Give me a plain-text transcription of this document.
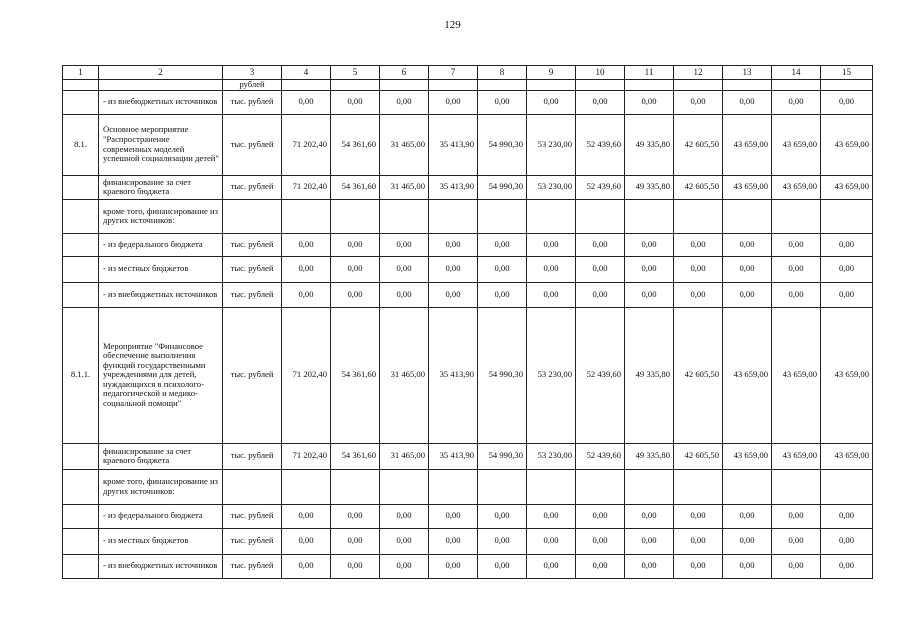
129
1	2	3	4	5	6	7	8	9	10	11	12	13	14	15
		рублей												
	- из внебюджетных источников	тыс. рублей	0,00	0,00	0,00	0,00	0,00	0,00	0,00	0,00	0,00	0,00	0,00	0,00
8.1.	Основное мероприятие "Распространение современных моделей успешной социализации детей"	тыс. рублей	71 202,40	54 361,60	31 465,00	35 413,90	54 990,30	53 230,00	52 439,60	49 335,80	42 605,50	43 659,00	43 659,00	43 659,00
	финансирование за счет краевого бюджета	тыс. рублей	71 202,40	54 361,60	31 465,00	35 413,90	54 990,30	53 230,00	52 439,60	49 335,80	42 605,50	43 659,00	43 659,00	43 659,00
	кроме того, финансирование из других источников:													
	- из федерального бюджета	тыс. рублей	0,00	0,00	0,00	0,00	0,00	0,00	0,00	0,00	0,00	0,00	0,00	0,00
	- из местных бюджетов	тыс. рублей	0,00	0,00	0,00	0,00	0,00	0,00	0,00	0,00	0,00	0,00	0,00	0,00
	- из внебюджетных источников	тыс. рублей	0,00	0,00	0,00	0,00	0,00	0,00	0,00	0,00	0,00	0,00	0,00	0,00
8.1.1.	Мероприятие "Финансовое обеспечение выполнения функций государственными учреждениями для детей, нуждающихся в психолого-педагогической и медико-социальной помощи"	тыс. рублей	71 202,40	54 361,60	31 465,00	35 413,90	54 990,30	53 230,00	52 439,60	49 335,80	42 605,50	43 659,00	43 659,00	43 659,00
	финансирование за счет краевого бюджета	тыс. рублей	71 202,40	54 361,60	31 465,00	35 413,90	54 990,30	53 230,00	52 439,60	49 335,80	42 605,50	43 659,00	43 659,00	43 659,00
	кроме того, финансирование из других источников:													
	- из федерального бюджета	тыс. рублей	0,00	0,00	0,00	0,00	0,00	0,00	0,00	0,00	0,00	0,00	0,00	0,00
	- из местных бюджетов	тыс. рублей	0,00	0,00	0,00	0,00	0,00	0,00	0,00	0,00	0,00	0,00	0,00	0,00
	- из внебюджетных источников	тыс. рублей	0,00	0,00	0,00	0,00	0,00	0,00	0,00	0,00	0,00	0,00	0,00	0,00
